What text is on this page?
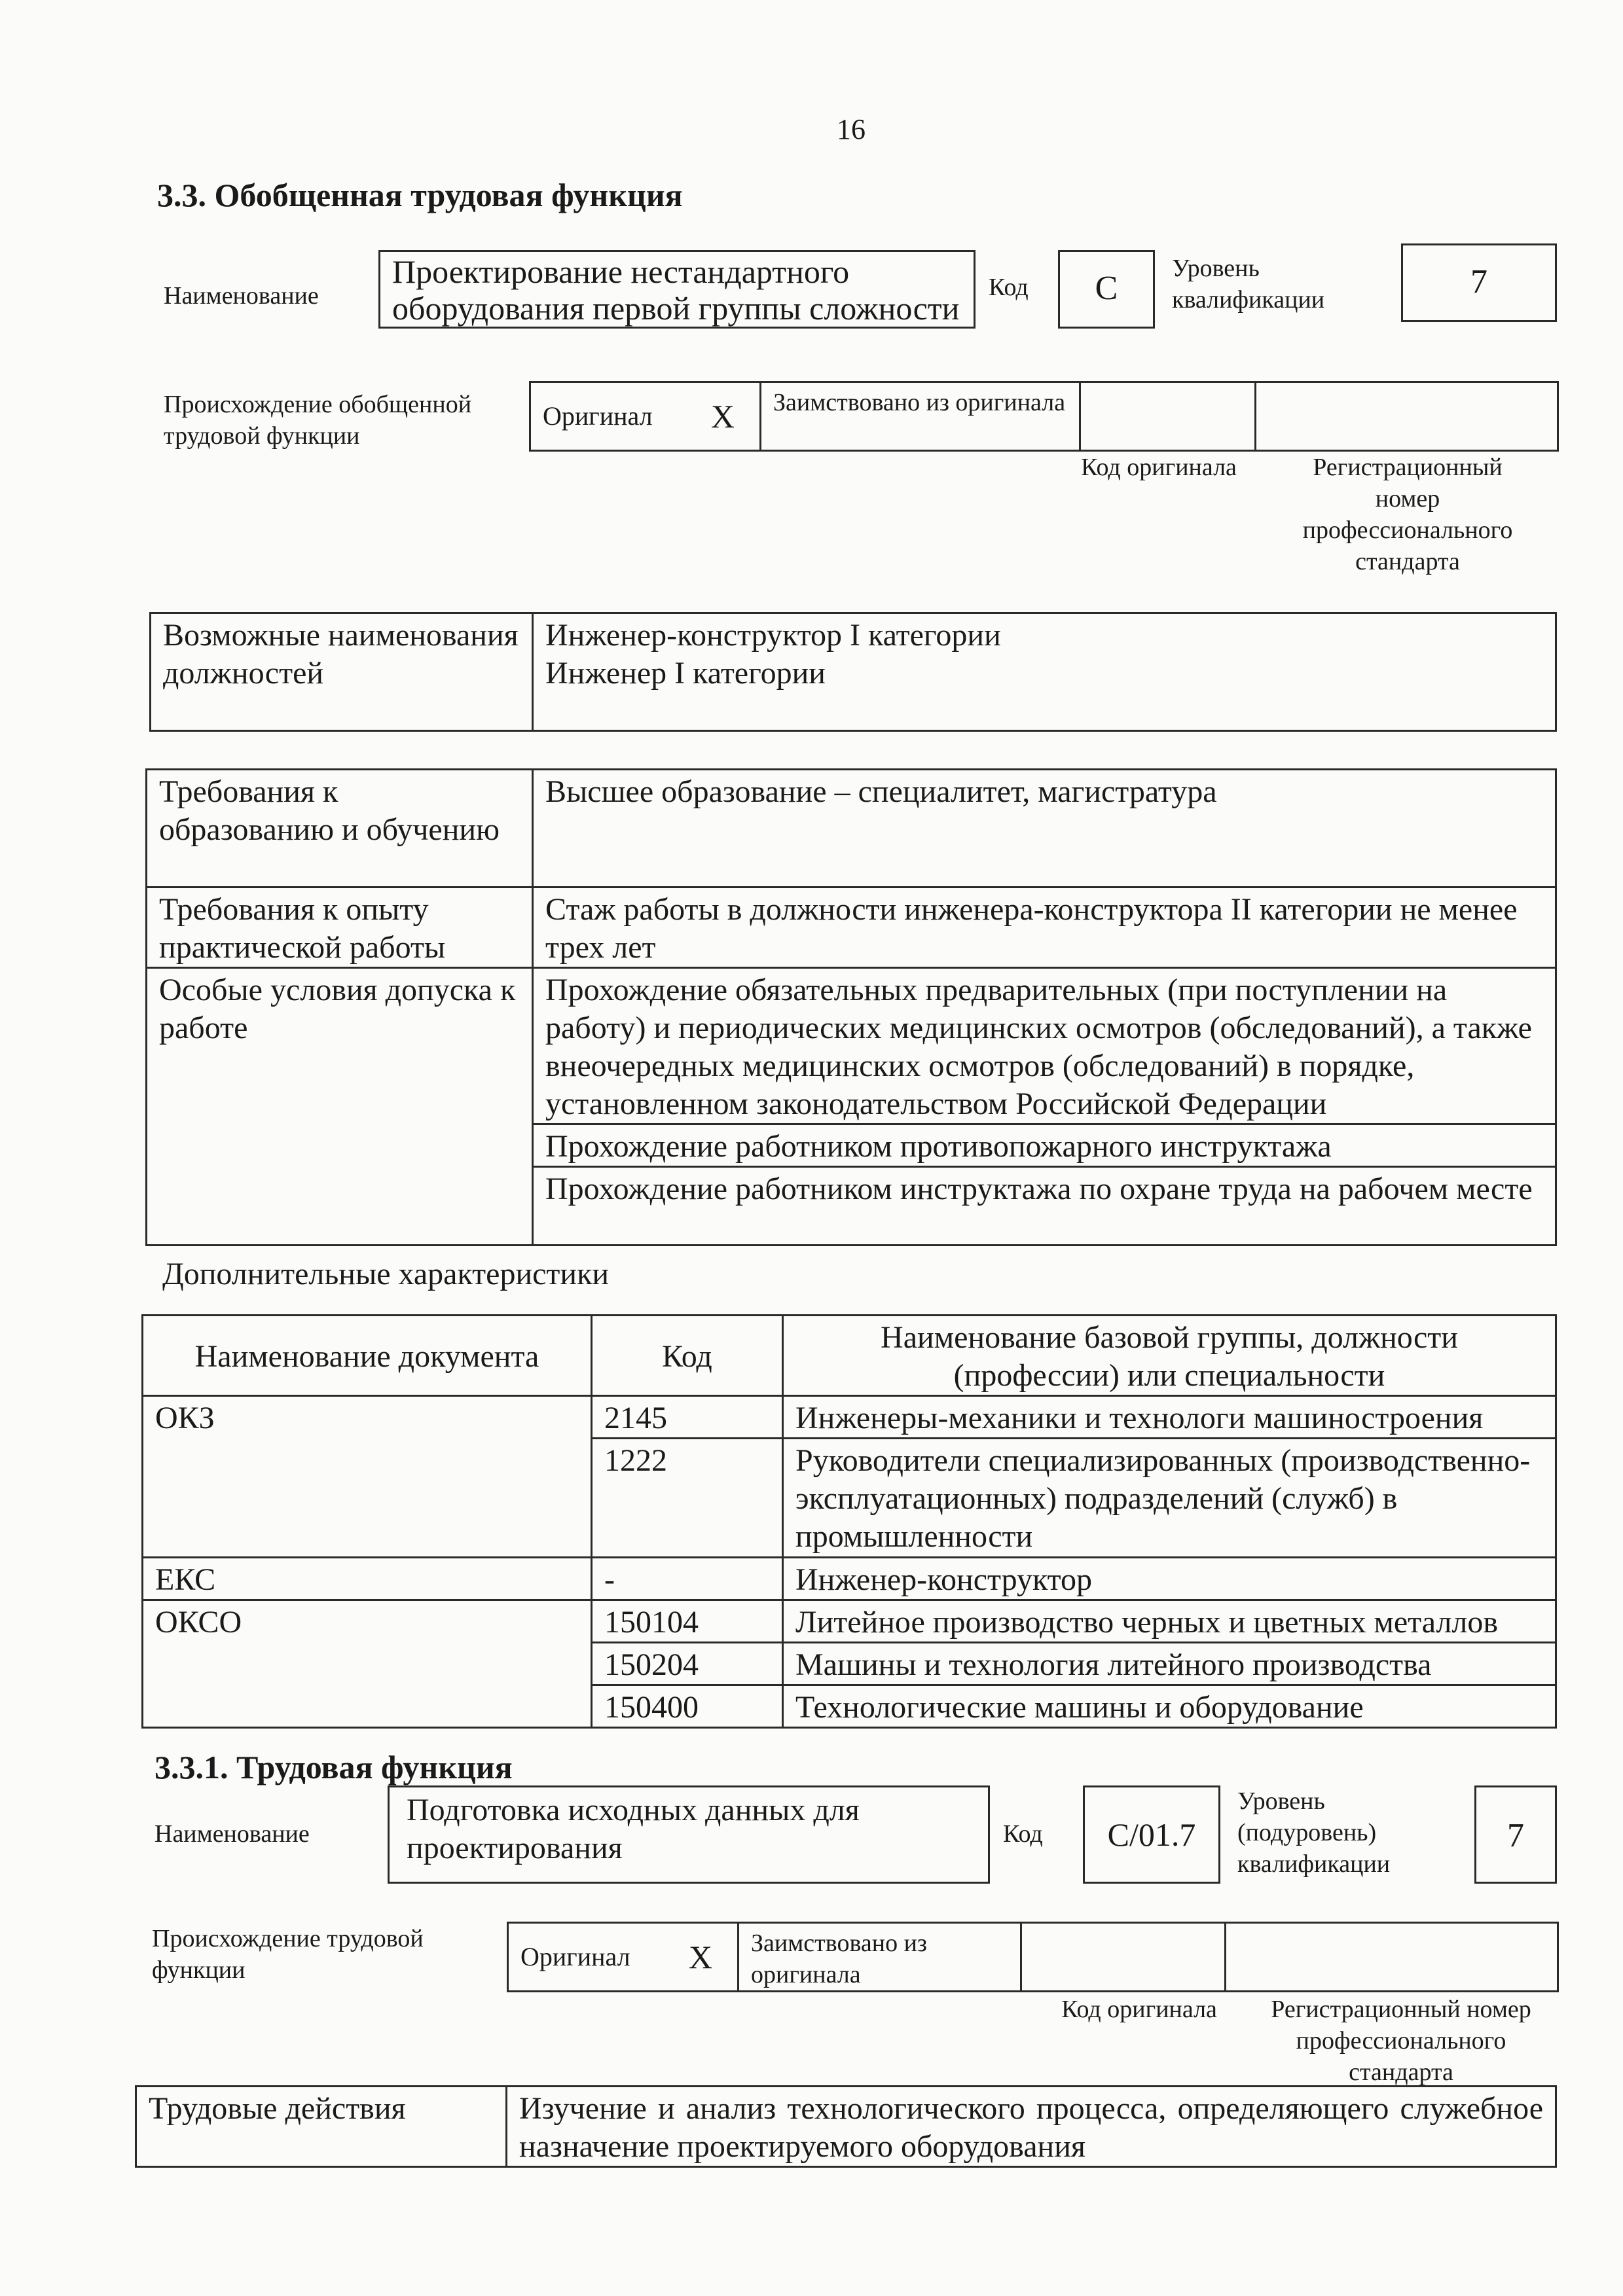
16
3.3. Обобщенная трудовая функция
Наименование
Проектирование нестандартного оборудования первой группы сложности
Код	C
Уровень квалификации	7
Происхождение обобщенной трудовой функции
Оригинал X	Заимствовано из оригинала		
Код оригинала	Регистрационный номер профессионального стандарта
Возможные наименования должностей	
Инженер-конструктор I категории
Инженер I категории
Требования к образованию и обучению	Высшее образование – специалитет, магистратура
Требования к опыту практической работы	Стаж работы в должности инженера-конструктора II категории не менее трех лет
Особые условия допуска к работе	Прохождение обязательных предварительных (при поступлении на работу) и периодических медицинских осмотров (обследований), а также внеочередных медицинских осмотров (обследований) в порядке, установленном законодательством Российской Федерации
	Прохождение работником противопожарного инструктажа
	Прохождение работником инструктажа по охране труда на рабочем месте
Дополнительные характеристики
Наименование документа	Код	Наименование базовой группы, должности (профессии) или специальности
ОКЗ	2145	Инженеры-механики и технологи машиностроения
	1222	Руководители специализированных (производственно-эксплуатационных) подразделений (служб) в промышленности
ЕКС	-	Инженер-конструктор
ОКСО	150104	Литейное производство черных и цветных металлов
	150204	Машины и технология литейного производства
	150400	Технологические машины и оборудование
3.3.1. Трудовая функция
Наименование
Подготовка исходных данных для проектирования	Код	C/01.7
Уровень (подуровень) квалификации
7
Происхождение трудовой функции	Оригинал X	Заимствовано из оригинала		
Код оригинала	Регистрационный номер профессионального стандарта
Трудовые действия	Изучение и анализ технологического процесса, определяющего служебное назначение проектируемого оборудования
